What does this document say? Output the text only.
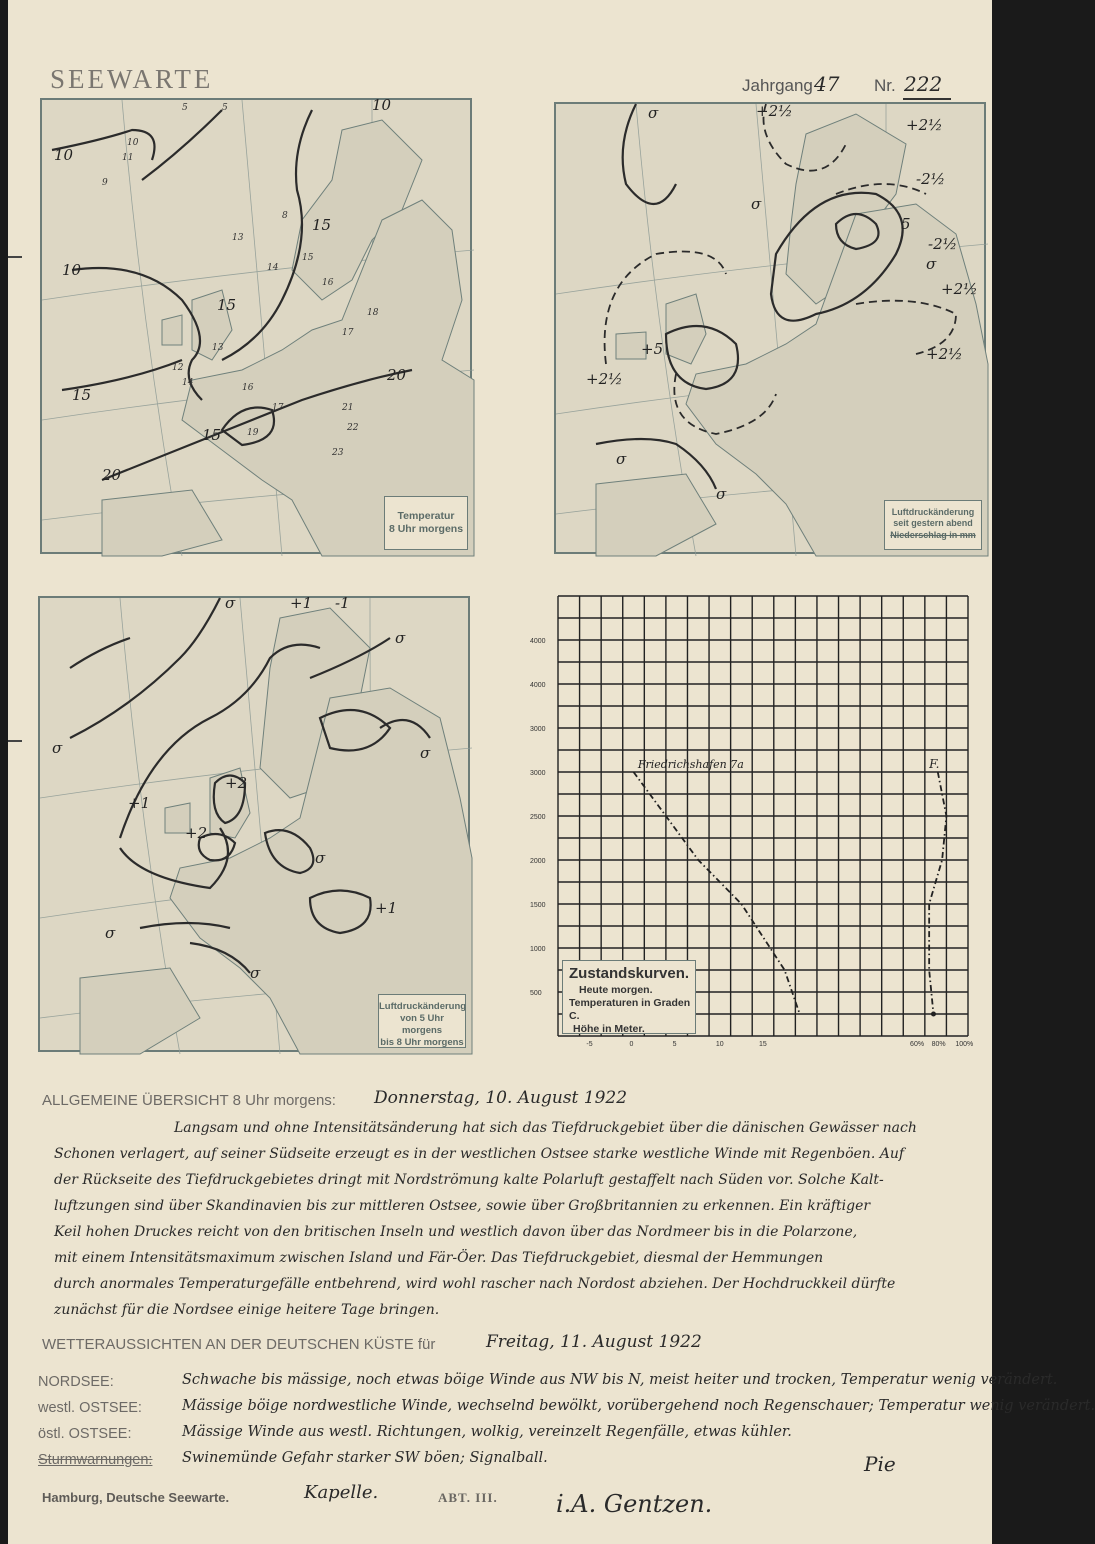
SEEWARTE	Jahrgang 47 Nr. 222
10
10
10
15
15
15
15
20
20
5	5
10
11
9
8
13
14
15
16
17
18
19
21
22
23
12
13
14	16
17
Temperatur
8 Uhr morgens
σ	+2½
+2½
-2½
5
-2½
σ
+2½
+5
+2½
+2½
σ
σ
σ
Luftdruckänderung
seit gestern abend
Niederschlag in mm
σ	+1
σ
σ	σ
+2
+1
+2
σ
+1
σ
σ
-1
Luftdruckänderung
von 5 Uhr morgens
bis 8 Uhr morgens
4000
4000
3000
3000
2500
2000
1500
1000
500
-5	0	5	10	15	60% 80% 100%
Friedrichshafen 7a	F.
Zustandskurven.
Heute morgen.
Temperaturen in Graden C.
Höhe in Meter.
ALLGEMEINE ÜBERSICHT 8 Uhr morgens: Donnerstag, 10. August 1922
Langsam und ohne Intensitätsänderung hat sich das Tiefdruckgebiet über die dänischen Gewässer nach
Schonen verlagert, auf seiner Südseite erzeugt es in der westlichen Ostsee starke westliche Winde mit Regenböen. Auf
der Rückseite des Tiefdruckgebietes dringt mit Nordströmung kalte Polarluft gestaffelt nach Süden vor. Solche Kalt-
luftzungen sind über Skandinavien bis zur mittleren Ostsee, sowie über Großbritannien zu erkennen. Ein kräftiger
Keil hohen Druckes reicht von den britischen Inseln und westlich davon über das Nordmeer bis in die Polarzone,
mit einem Intensitätsmaximum zwischen Island und Fär-Öer. Das Tiefdruckgebiet, diesmal der Hemmungen
durch anormales Temperaturgefälle entbehrend, wird wohl rascher nach Nordost abziehen. Der Hochdruckkeil dürfte
zunächst für die Nordsee einige heitere Tage bringen.
WETTERAUSSICHTEN AN DER DEUTSCHEN KÜSTE für	Freitag, 11. August 1922
NORDSEE:	Schwache bis mässige, noch etwas böige Winde aus NW bis N, meist heiter und trocken, Temperatur wenig verändert.
westl. OSTSEE:	Mässige böige nordwestliche Winde, wechselnd bewölkt, vorübergehend noch Regenschauer; Temperatur wenig verändert.
östl. OSTSEE:	Mässige Winde aus westl. Richtungen, wolkig, vereinzelt Regenfälle, etwas kühler.
Sturmwarnungen: Swinemünde Gefahr starker SW böen; Signalball.
Hamburg, Deutsche Seewarte.	Kapelle.	ABT. III. i.A. Gentzen.
Pie
